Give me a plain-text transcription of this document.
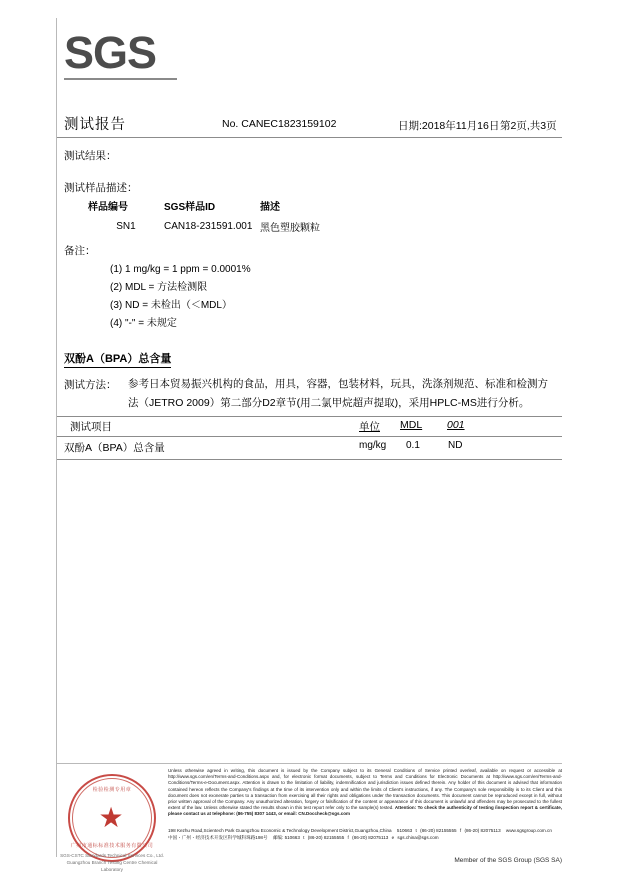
SGS
测试报告	No. CANEC1823159102	日期:2018年11月16日 第2页,共3页
测试结果：
测试样品描述：
样品编号	SGS样品ID	描述
SN1	CAN18-231591.001	黑色塑胶颗粒
备注：
(1) 1 mg/kg = 1 ppm = 0.0001%
(2) MDL = 方法检测限
(3) ND = 未检出（＜MDL）
(4) "-" = 未规定
双酚A（BPA）总含量
测试方法： 参考日本贸易振兴机构的食品，用具，容器，包装材料，玩具，洗涤剂规范、标准和检测方法（JETRO 2009）第二部分D2章节(用二氯甲烷超声提取)，采用HPLC-MS进行分析。
测试项目	单位 MDL 001
双酚A（BPA）总含量	mg/kg 0.1	ND
检验检测专用章
★
广州市通标标准技术服务有限公司
SGS-CSTC Standards Technical Services Co., Ltd.
Guangzhou Branch Testing Centre Chemical Laboratory
Unless otherwise agreed in writing, this document is issued by the Company subject to its General Conditions of Service printed overleaf, available on request or accessible at http://www.sgs.com/en/Terms-and-Conditions.aspx and, for electronic format documents, subject to Terms and Conditions for Electronic Documents at http://www.sgs.com/en/Terms-and-Conditions/Terms-e-Document.aspx. Attention is drawn to the limitation of liability, indemnification and jurisdiction issues defined therein. Any holder of this document is advised that information contained hereon reflects the Company's findings at the time of its intervention only and within the limits of Client's instructions, if any. The Company's sole responsibility is to its Client and this document does not exonerate parties to a transaction from exercising all their rights and obligations under the transaction documents. This document cannot be reproduced except in full, without prior written approval of the Company. Any unauthorized alteration, forgery or falsification of the content or appearance of this document is unlawful and offenders may be prosecuted to the fullest extent of the law. Unless otherwise stated the results shown in this test report refer only to the sample(s) tested. Attention: To check the authenticity of testing /inspection report & certificate, please contact us at telephone: (86-755) 8307 1443, or email: CN.Doccheck@sgs.com
198 Kezhu Road,Scientech Park Guangzhou Economic & Technology Development District,Guangzhou,China
510663 t (86-20) 82155555 f (86-20) 82075113
www.sgsgroup.com.cn
中国・广州・经济技术开发区科学城科珠路198号
邮编: 510663 t (86-20) 82155555 f (86-20) 82075113 e sgs.china@sgs.com
Member of the SGS Group (SGS SA)
